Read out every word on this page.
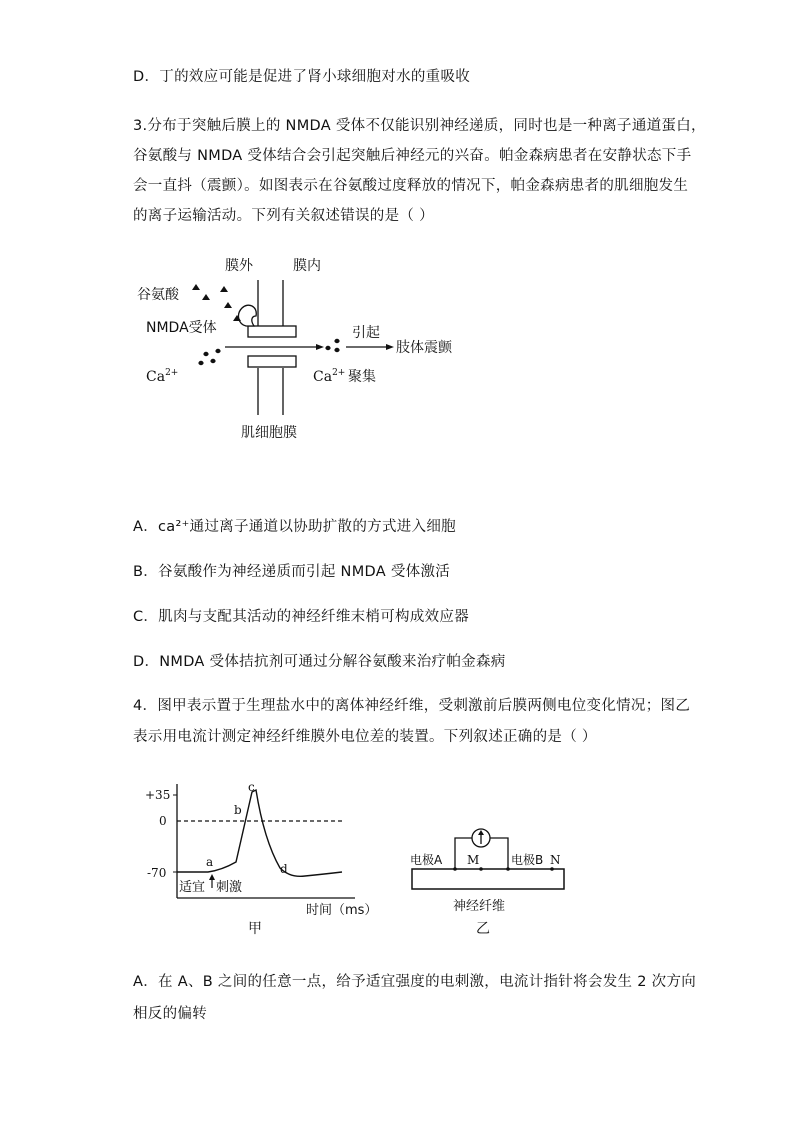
D．丁的效应可能是促进了肾小球细胞对水的重吸收
3.分布于突触后膜上的 NMDA 受体不仅能识别神经递质，同时也是一种离子通道蛋白，
谷氨酸与 NMDA 受体结合会引起突触后神经元的兴奋。帕金森病患者在安静状态下手
会一直抖（震颤）。如图表示在谷氨酸过度释放的情况下，帕金森病患者的肌细胞发生
的离子运输活动。下列有关叙述错误的是（ ）
膜外	膜内
谷氨酸
NMDA受体
$Ca^{2+}$	$Ca^{2+}$ 聚集
引起
肢体震颤
肌细胞膜
A．ca²⁺通过离子通道以协助扩散的方式进入细胞
B．谷氨酸作为神经递质而引起 NMDA 受体激活
C．肌肉与支配其活动的神经纤维末梢可构成效应器
D．NMDA 受体拮抗剂可通过分解谷氨酸来治疗帕金森病
4．图甲表示置于生理盐水中的离体神经纤维，受刺激前后膜两侧电位变化情况；图乙
表示用电流计测定神经纤维膜外电位差的装置。下列叙述正确的是（ ）
+35
0
-70
a
b
c
d
适宜 刺激
时间（ms）
甲
电极A M	电极B N
神经纤维
乙
A．在 A、B 之间的任意一点，给予适宜强度的电刺激，电流计指针将会发生 2 次方向
相反的偏转
